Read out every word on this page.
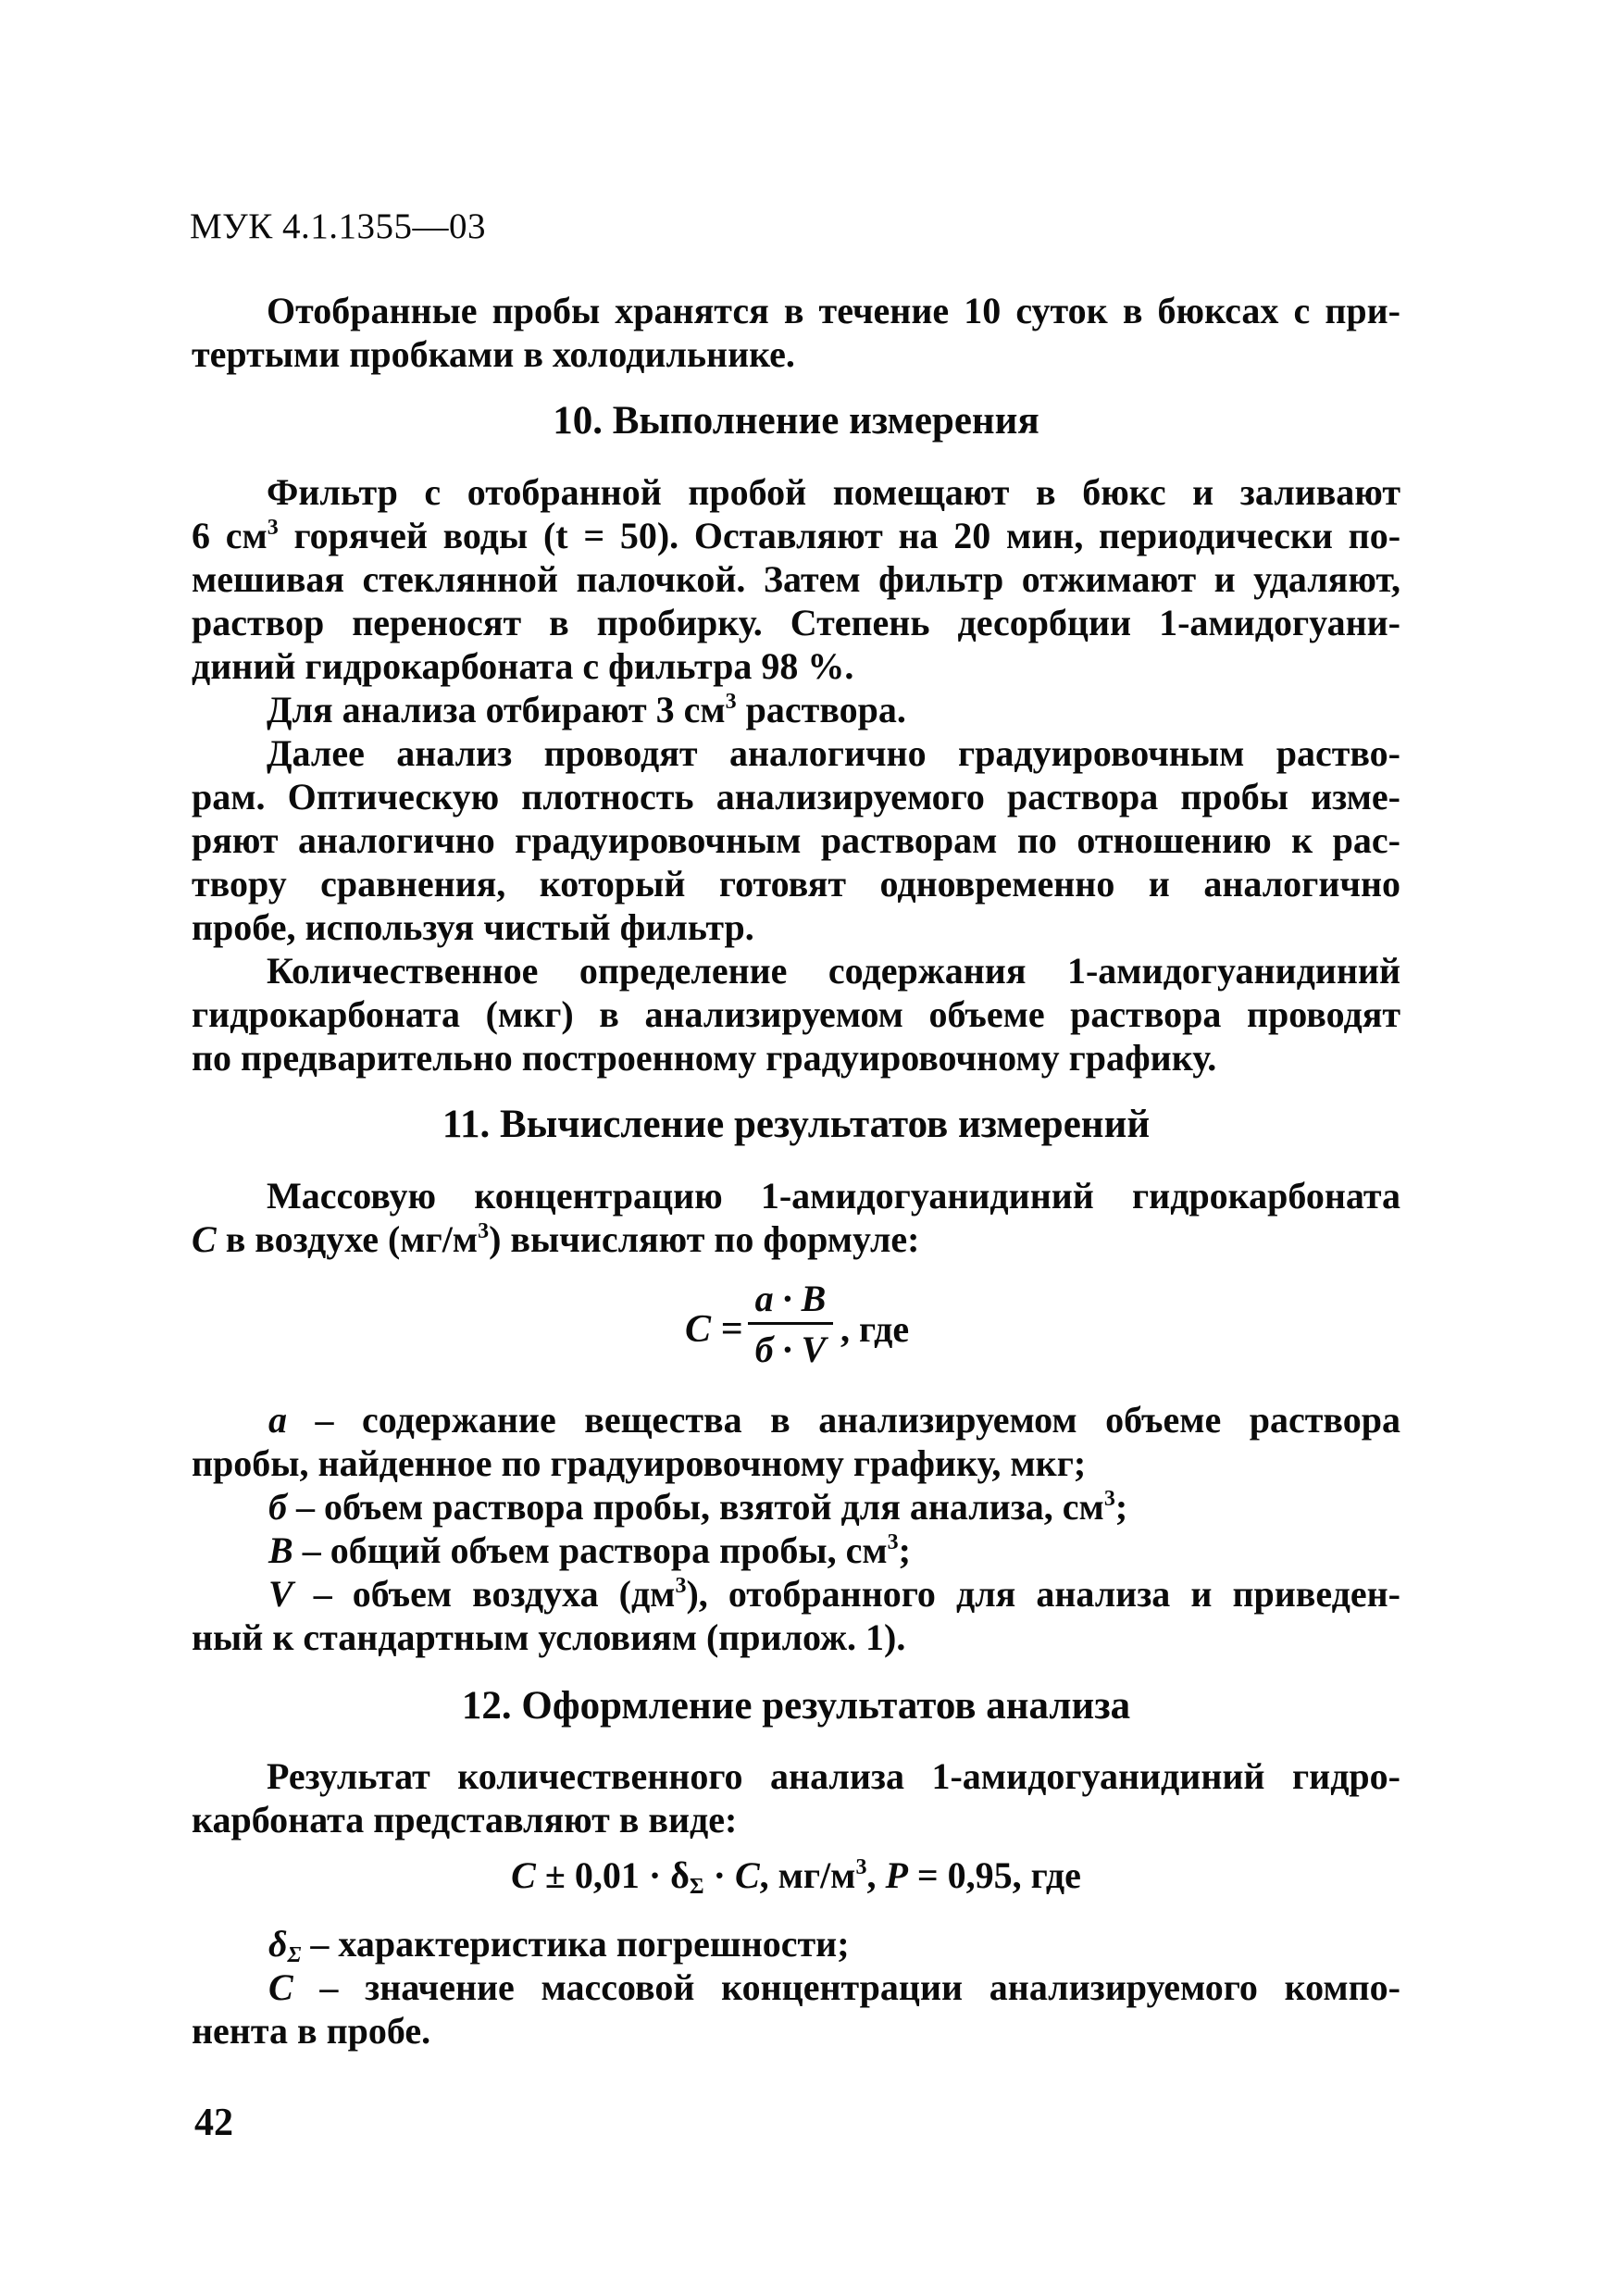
МУК 4.1.1355—03
Отобранные пробы хранятся в течение 10 суток в бюксах с при-
тертыми пробками в холодильнике.
10. Выполнение измерения
Фильтр с отобранной пробой помещают в бюкс и заливают
6 $см^3$ горячей воды (t = 50). Оставляют на 20 мин, периодически по-
мешивая стеклянной палочкой. Затем фильтр отжимают и удаляют,
раствор переносят в пробирку. Степень десорбции 1-амидогуани-
диний гидрокарбоната с фильтра 98 %.
Для анализа отбирают 3 $см^3$ раствора.
Далее анализ проводят аналогично градуировочным раство-
рам. Оптическую плотность анализируемого раствора пробы изме-
ряют аналогично градуировочным растворам по отношению к рас-
твору сравнения, который готовят одновременно и аналогично
пробе, используя чистый фильтр.
Количественное определение содержания 1-амидогуанидиний
гидрокарбоната (мкг) в анализируемом объеме раствора проводят
по предварительно построенному градуировочному графику.
11. Вычисление результатов измерений
Массовую концентрацию 1-амидогуанидиний гидрокарбоната
C в воздухе $(мг/м^3)$ вычисляют по формуле:
C =
a · B
б · V , где
a – содержание вещества в анализируемом объеме раствора
пробы, найденное по градуировочному графику, мкг;
б – объем раствора пробы, взятой для анализа, $см^3$;
B – общий объем раствора пробы, $см^3$;
V – объем воздуха $(дм^3)$, отобранного для анализа и приведен-
ный к стандартным условиям (прилож. 1).
12. Оформление результатов анализа
Результат количественного анализа 1-амидогуанидиний гидро-
карбоната представляют в виде:
$C \pm 0,01 \cdot \delta_\Sigma \cdot C$, $мг/м^3$, P = 0,95, где
$\delta_\Sigma$ – характеристика погрешности;
C – значение массовой концентрации анализируемого компо-
нента в пробе.
42
